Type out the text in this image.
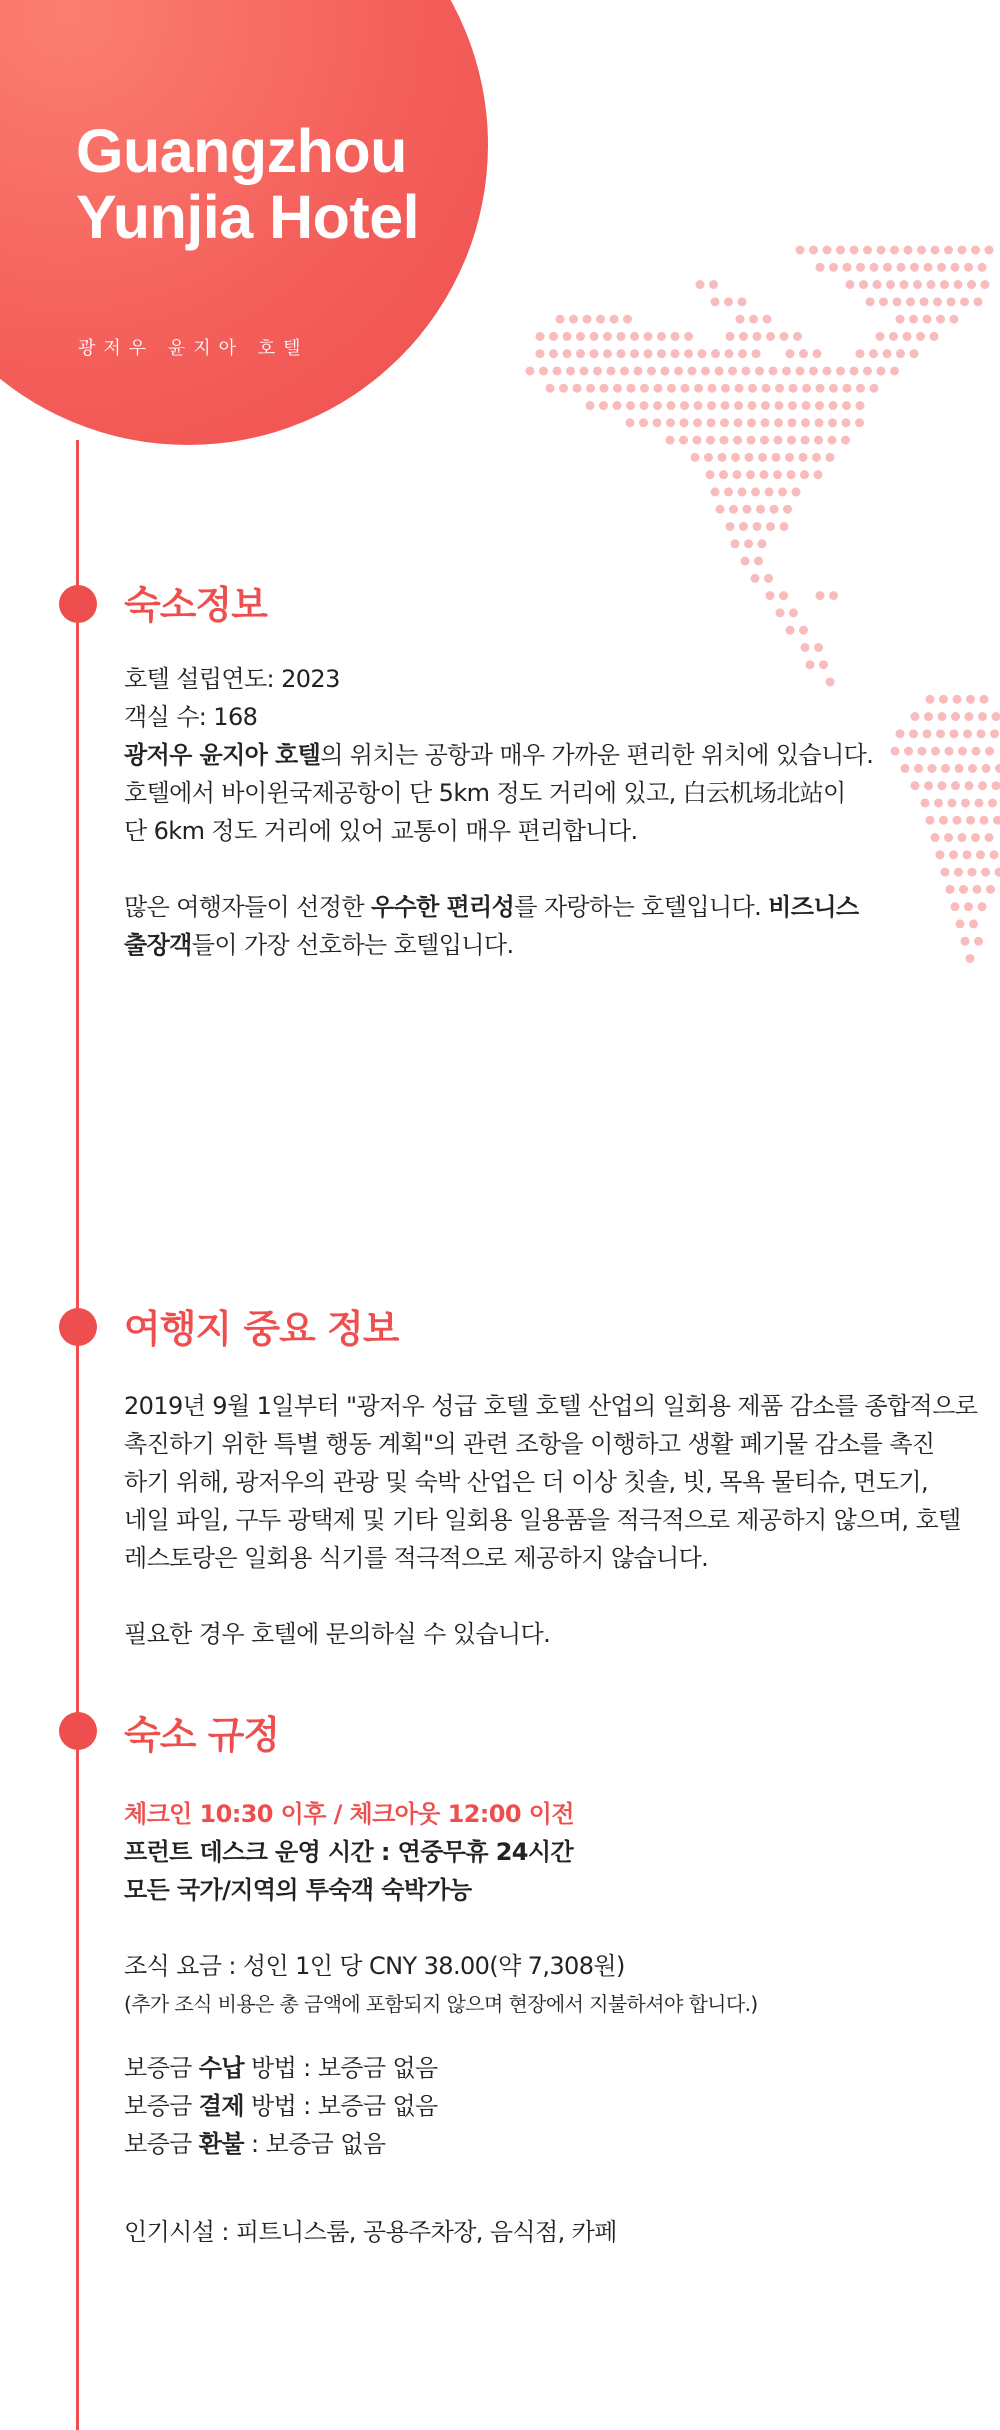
Guangzhou
Yunjia Hotel

광저우 윤지아 호텔

숙소정보

호텔 설립연도: 2023

객실 수: 168

광저우 윤지아 호텔의 위치는 공항과 매우 가까운 편리한 위치에 있습니다.

호텔에서 바이윈국제공항이 단 5km 정도 거리에 있고, 白云机场北站이

단 6km 정도 거리에 있어 교통이 매우 편리합니다.

많은 여행자들이 선정한 우수한 편리성를 자랑하는 호텔입니다. 비즈니스

출장객들이 가장 선호하는 호텔입니다.

여행지 중요 정보

2019년 9월 1일부터 "광저우 성급 호텔 호텔 산업의 일회용 제품 감소를 종합적으로

촉진하기 위한 특별 행동 계획"의 관련 조항을 이행하고 생활 폐기물 감소를 촉진

하기 위해, 광저우의 관광 및 숙박 산업은 더 이상 칫솔, 빗, 목욕 물티슈, 면도기,

네일 파일, 구두 광택제 및 기타 일회용 일용품을 적극적으로 제공하지 않으며, 호텔

레스토랑은 일회용 식기를 적극적으로 제공하지 않습니다.

필요한 경우 호텔에 문의하실 수 있습니다.

숙소 규정

체크인 10:30 이후 / 체크아웃 12:00 이전

프런트 데스크 운영 시간 : 연중무휴 24시간

모든 국가/지역의 투숙객 숙박가능

조식 요금 : 성인 1인 당 CNY 38.00(약 7,308원)

(추가 조식 비용은 총 금액에 포함되지 않으며 현장에서 지불하셔야 합니다.)

보증금 수납 방법 : 보증금 없음

보증금 결제 방법 : 보증금 없음

보증금 환불 : 보증금 없음

인기시설 : 피트니스룸, 공용주차장, 음식점, 카페
